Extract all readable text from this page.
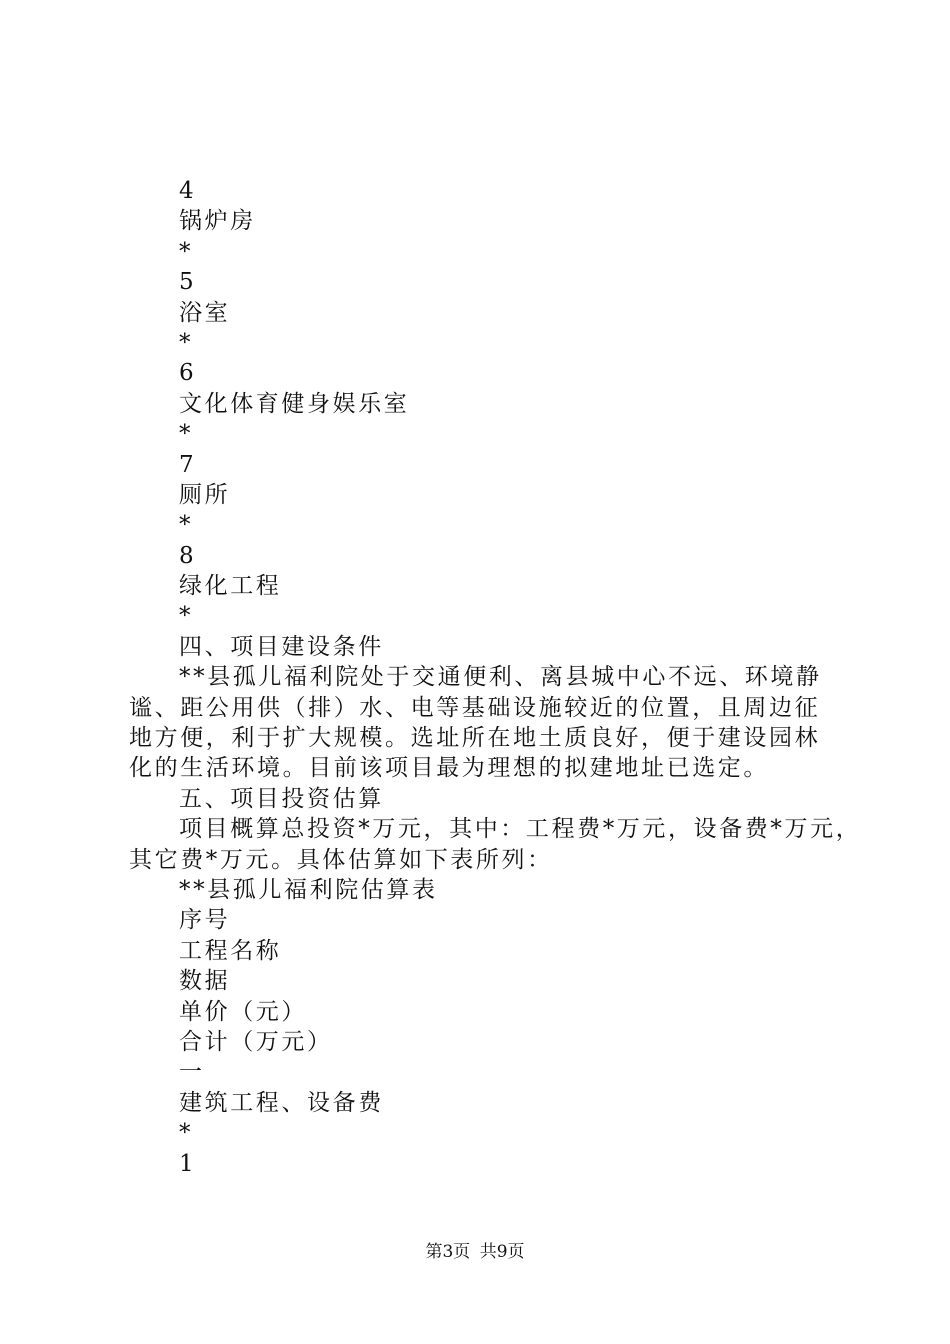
4
锅炉房
*
5
浴室
*
6
文化体育健身娱乐室
*
7
厕所
*
8
绿化工程
*
四、项目建设条件
**县孤儿福利院处于交通便利、离县城中心不远、环境静
谧、距公用供（排）水、电等基础设施较近的位置，且周边征
地方便，利于扩大规模。选址所在地土质良好，便于建设园林
化的生活环境。目前该项目最为理想的拟建地址已选定。
五、项目投资估算
项目概算总投资*万元，其中：工程费*万元，设备费*万元，
其它费*万元。具体估算如下表所列：
**县孤儿福利院估算表
序号
工程名称
数据
单价（元）
合计（万元）
一
建筑工程、设备费
*
1
第3页 共9页
